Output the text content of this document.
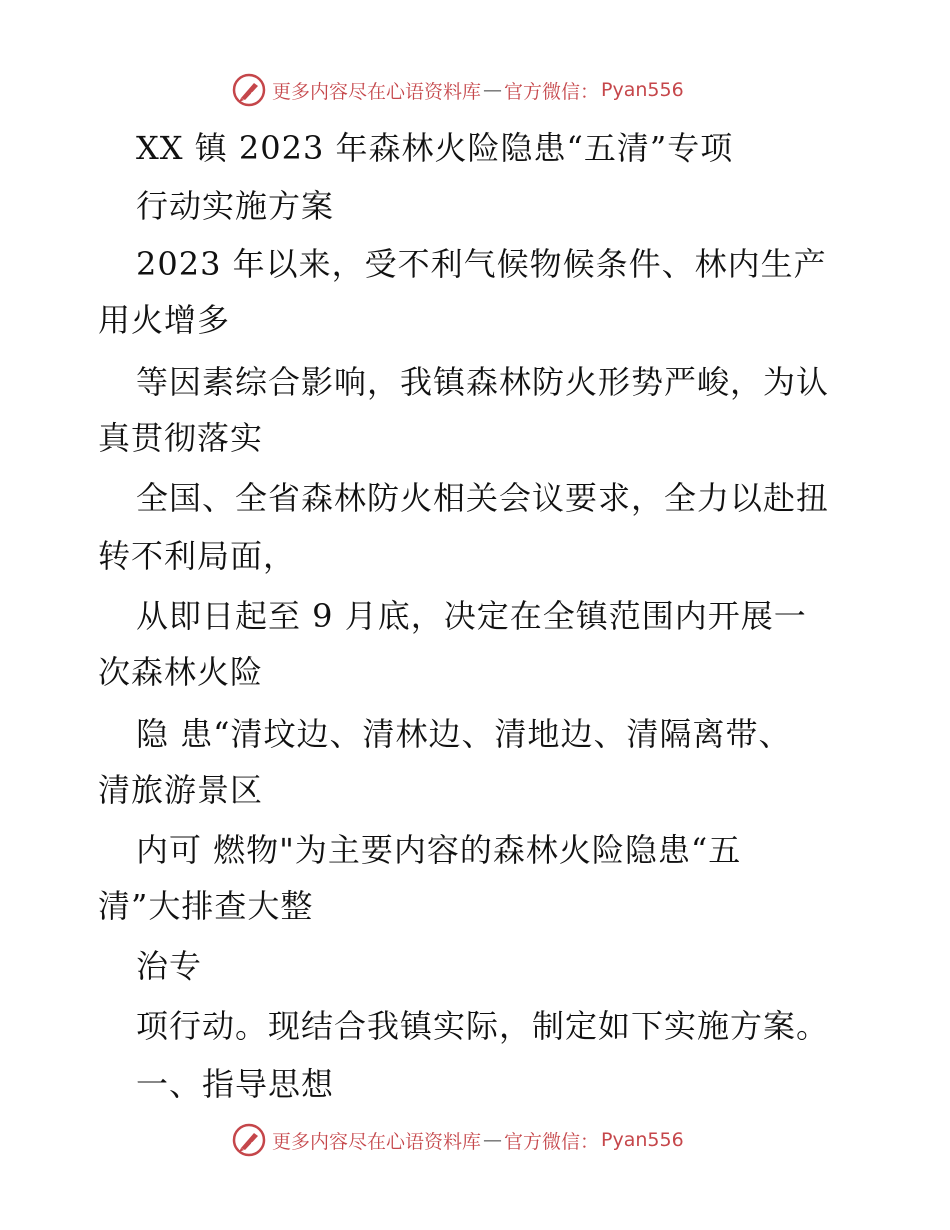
更多内容尽在心语资料库 — 官方微信： Pyan556
XX 镇 2023 年森林火险隐患“五清”专项
行动实施方案
2023 年以来，受不利气候物候条件、林内生产
用火增多
等因素综合影响，我镇森林防火形势严峻，为认
真贯彻落实
全国、全省森林防火相关会议要求，全力以赴扭
转不利局面，
从即日起至 9 月底，决定在全镇范围内开展一
次森林火险
隐 患“清坟边、清林边、清地边、清隔离带、
清旅游景区
内可 燃物"为主要内容的森林火险隐患“五
清”大排查大整
治专
项行动。现结合我镇实际，制定如下实施方案。
一、指导思想
更多内容尽在心语资料库 — 官方微信： Pyan556
